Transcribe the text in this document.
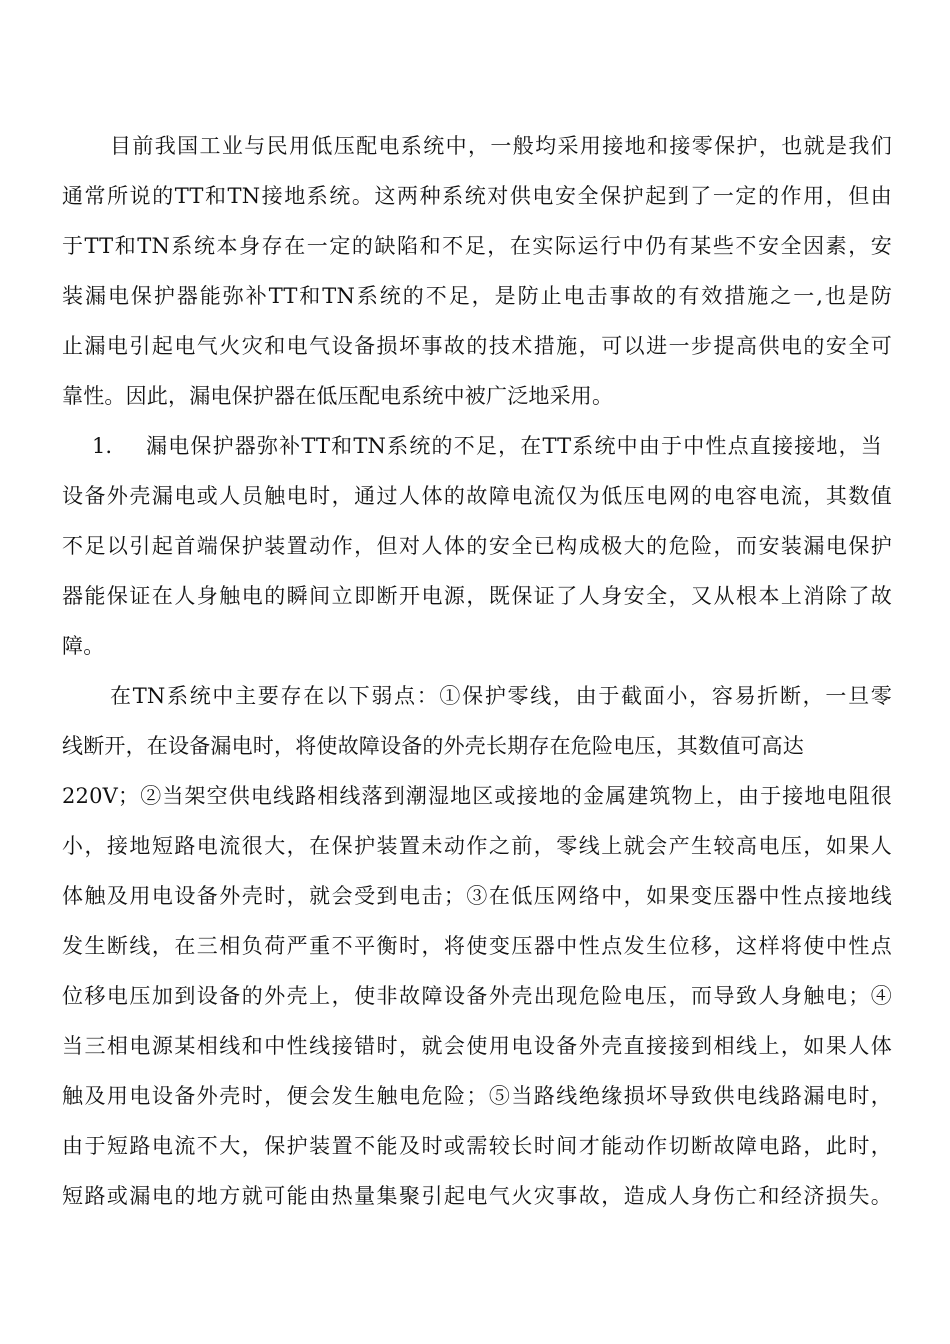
目前我国工业与民用低压配电系统中，一般均采用接地和接零保护，也就是我们

通常所说的TT和TN接地系统。这两种系统对供电安全保护起到了一定的作用，但由

于TT和TN系统本身存在一定的缺陷和不足，在实际运行中仍有某些不安全因素，安

装漏电保护器能弥补TT和TN系统的不足，是防止电击事故的有效措施之一,也是防

止漏电引起电气火灾和电气设备损坏事故的技术措施，可以进一步提高供电的安全可

靠性。因此，漏电保护器在低压配电系统中被广泛地采用。

1. 漏电保护器弥补TT和TN系统的不足，在TT系统中由于中性点直接接地，当

设备外壳漏电或人员触电时，通过人体的故障电流仅为低压电网的电容电流，其数值

不足以引起首端保护装置动作，但对人体的安全已构成极大的危险，而安装漏电保护

器能保证在人身触电的瞬间立即断开电源，既保证了人身安全，又从根本上消除了故

障。

在TN系统中主要存在以下弱点：①保护零线，由于截面小，容易折断，一旦零

线断开，在设备漏电时，将使故障设备的外壳长期存在危险电压，其数值可高达

220V；②当架空供电线路相线落到潮湿地区或接地的金属建筑物上，由于接地电阻很

小，接地短路电流很大，在保护装置未动作之前，零线上就会产生较高电压，如果人

体触及用电设备外壳时，就会受到电击；③在低压网络中，如果变压器中性点接地线

发生断线，在三相负荷严重不平衡时，将使变压器中性点发生位移，这样将使中性点

位移电压加到设备的外壳上，使非故障设备外壳出现危险电压，而导致人身触电；④

当三相电源某相线和中性线接错时，就会使用电设备外壳直接接到相线上，如果人体

触及用电设备外壳时，便会发生触电危险；⑤当路线绝缘损坏导致供电线路漏电时，

由于短路电流不大，保护装置不能及时或需较长时间才能动作切断故障电路，此时，

短路或漏电的地方就可能由热量集聚引起电气火灾事故，造成人身伤亡和经济损失。
